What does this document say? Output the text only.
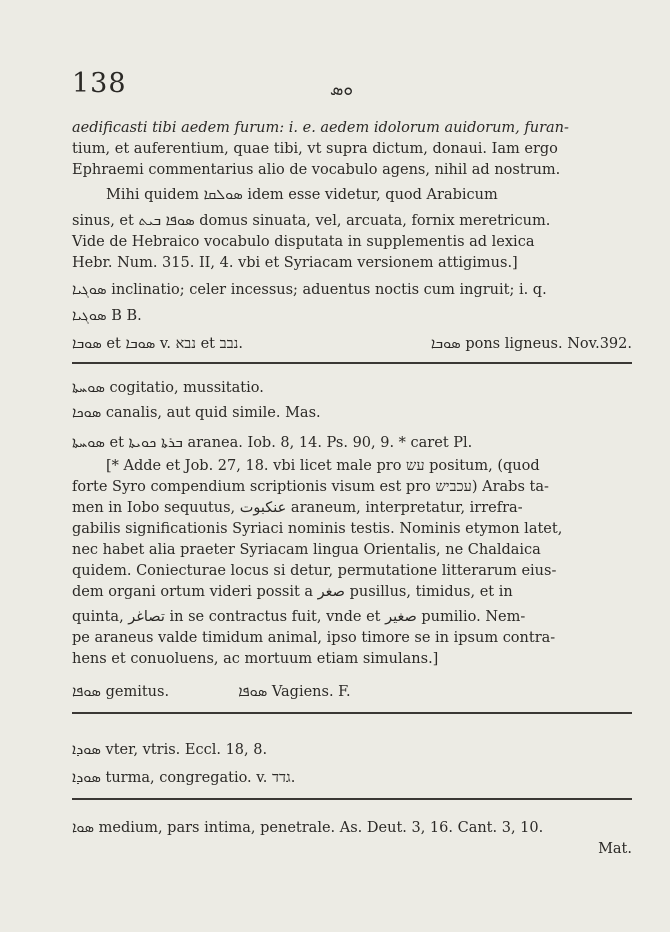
138	ܘܣ
aedificasti tibi aedem furum: i. e. aedem idolorum auidorum, furan-
tium, et auferentium, quae tibi, vt supra dictum, donaui. Iam ergo
Ephraemi commentarius alio de vocabulo agens, nihil ad nostrum.
Mihi quidem ܣܘܠܩܐ idem esse videtur, quod Arabicum
sinus, et ܣܘܦܐ ܒܝܬ domus sinuata, vel, arcuata, fornix meretricum.
Vide de Hebraico vocabulo disputata in supplementis ad lexica
Hebr. Num. 315. II, 4. vbi et Syriacam versionem attigimus.]
ܣܘܓܝܐ inclinatio; celer incessus; aduentus noctis cum ingruit; i. q.
ܣܘܓܝܐ B B.
ܣܘܒܐ et ܣܘܒܐ v. נבא et נבב.	ܣܘܒܐ pons ligneus. Nov.392.
ܣܘܚܬܐ cogitatio, mussitatio.
ܣܘܟܐ canalis, aut quid simile. Mas.
ܣܘܚܬܐ et ܒܪܬܐ ܟܘܝܬܐ aranea. Iob. 8, 14. Ps. 90, 9. * caret Pl.
[* Adde et Job. 27, 18. vbi licet male pro עש positum, (quod
forte Syro compendium scriptionis visum est pro עכביש) Arabs ta-
men in Iobo sequutus, عنكبوت araneum, interpretatur, irrefra-
gabilis significationis Syriaci nominis testis. Nominis etymon latet,
nec habet alia praeter Syriacam lingua Orientalis, ne Chaldaica
quidem. Coniecturae locus si detur, permutatione litterarum eius-
dem organi ortum videri possit a صغر pusillus, timidus, et in
quinta, تصاغر in se contractus fuit, vnde et صغير pumilio. Nem-
pe araneus valde timidum animal, ipso timore se in ipsum contra-
hens et conuoluens, ac mortuum etiam simulans.]
ܣܘܦܐ gemitus.	ܣܘܦܐ Vagiens. F.
ܣܘܕܐ vter, vtris. Eccl. 18, 8.
ܣܘܕܐ turma, congregatio. v. גדד.
ܣܘܐ medium, pars intima, penetrale. As. Deut. 3, 16. Cant. 3, 10.
Mat.
